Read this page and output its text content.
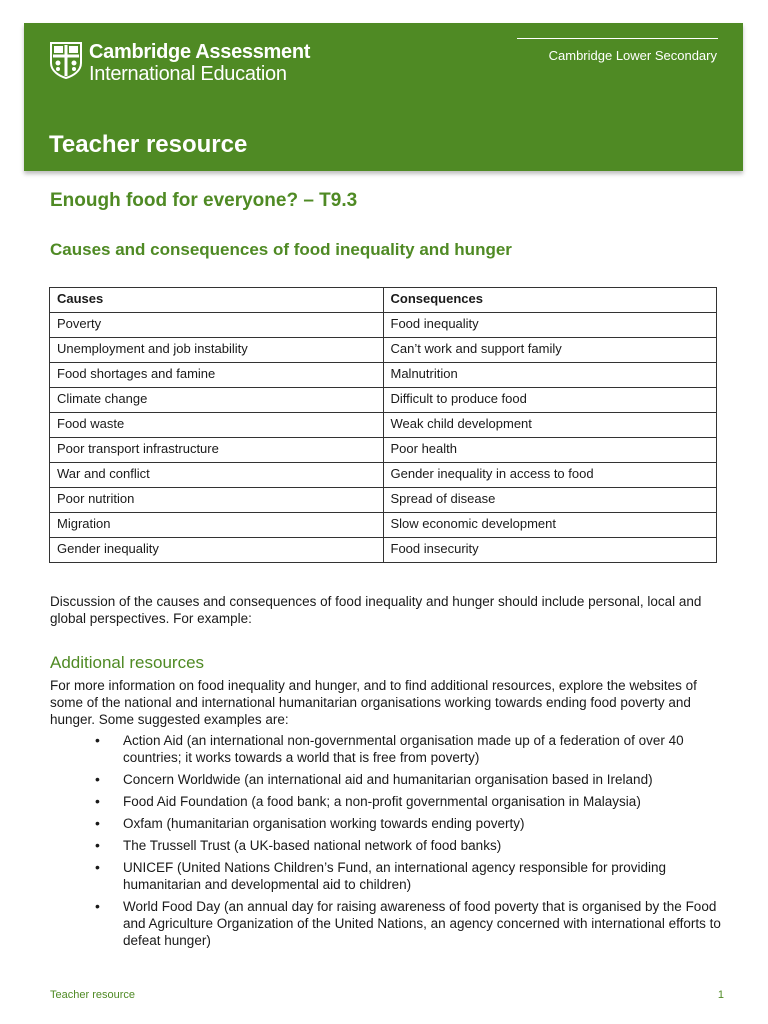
Cambridge Assessment
International Education
Cambridge Lower Secondary
Teacher resource
Enough food for everyone? – T9.3
Causes and consequences of food inequality and hunger
Causes	Consequences
Poverty	Food inequality
Unemployment and job instability	Can’t work and support family
Food shortages and famine	Malnutrition
Climate change	Difficult to produce food
Food waste	Weak child development
Poor transport infrastructure	Poor health
War and conflict	Gender inequality in access to food
Poor nutrition	Spread of disease
Migration	Slow economic development
Gender inequality	Food insecurity

Discussion of the causes and consequences of food inequality and hunger should include personal, local and global perspectives. For example:

Additional resources

For more information on food inequality and hunger, and to find additional resources, explore the websites of some of the national and international humanitarian organisations working towards ending food poverty and hunger. Some suggested examples are:

• Action Aid (an international non-governmental organisation made up of a federation of over 40 countries; it works towards a world that is free from poverty)
• Concern Worldwide (an international aid and humanitarian organisation based in Ireland)
• Food Aid Foundation (a food bank; a non-profit governmental organisation in Malaysia)
• Oxfam (humanitarian organisation working towards ending poverty)
• The Trussell Trust (a UK-based national network of food banks)
• UNICEF (United Nations Children’s Fund, an international agency responsible for providing humanitarian and developmental aid to children)
• World Food Day (an annual day for raising awareness of food poverty that is organised by the Food and Agriculture Organization of the United Nations, an agency concerned with international efforts to defeat hunger)
Teacher resource	1
